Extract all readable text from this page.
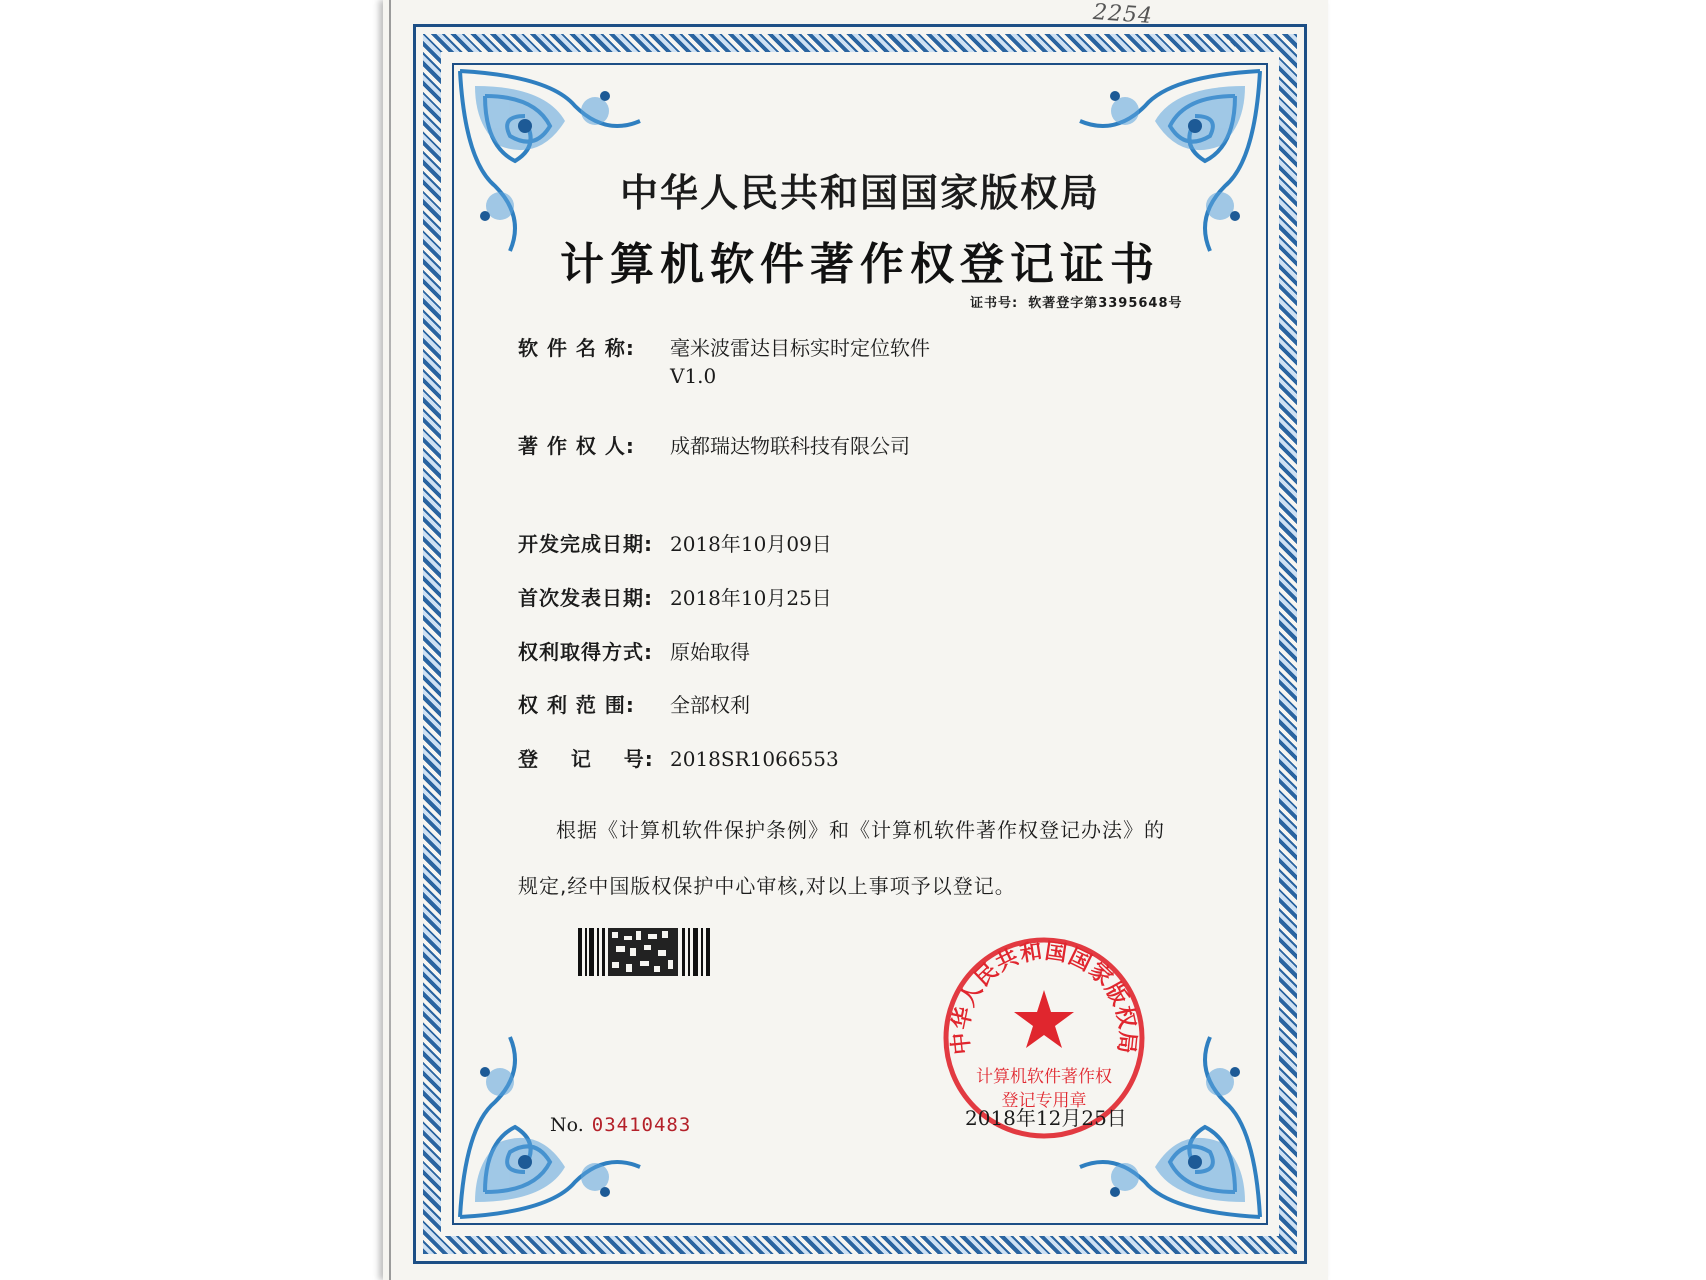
2254
中华人民共和国国家版权局
计算机软件著作权登记证书
证书号: 软著登字第3395648号
软 件 名 称:	毫米波雷达目标实时定位软件
V1.0
著 作 权 人:	成都瑞达物联科技有限公司
开发完成日期: 2018年10月09日
首次发表日期: 2018年10月25日
权利取得方式: 原始取得
权 利 范 围:	全部权利
登    记    号: 2018SR1066553
根据《计算机软件保护条例》和《计算机软件著作权登记办法》的
规定,经中国版权保护中心审核,对以上事项予以登记。
中华人民共和国国家版权局
计算机软件著作权
登记专用章
No. 03410483	2018年12月25日
